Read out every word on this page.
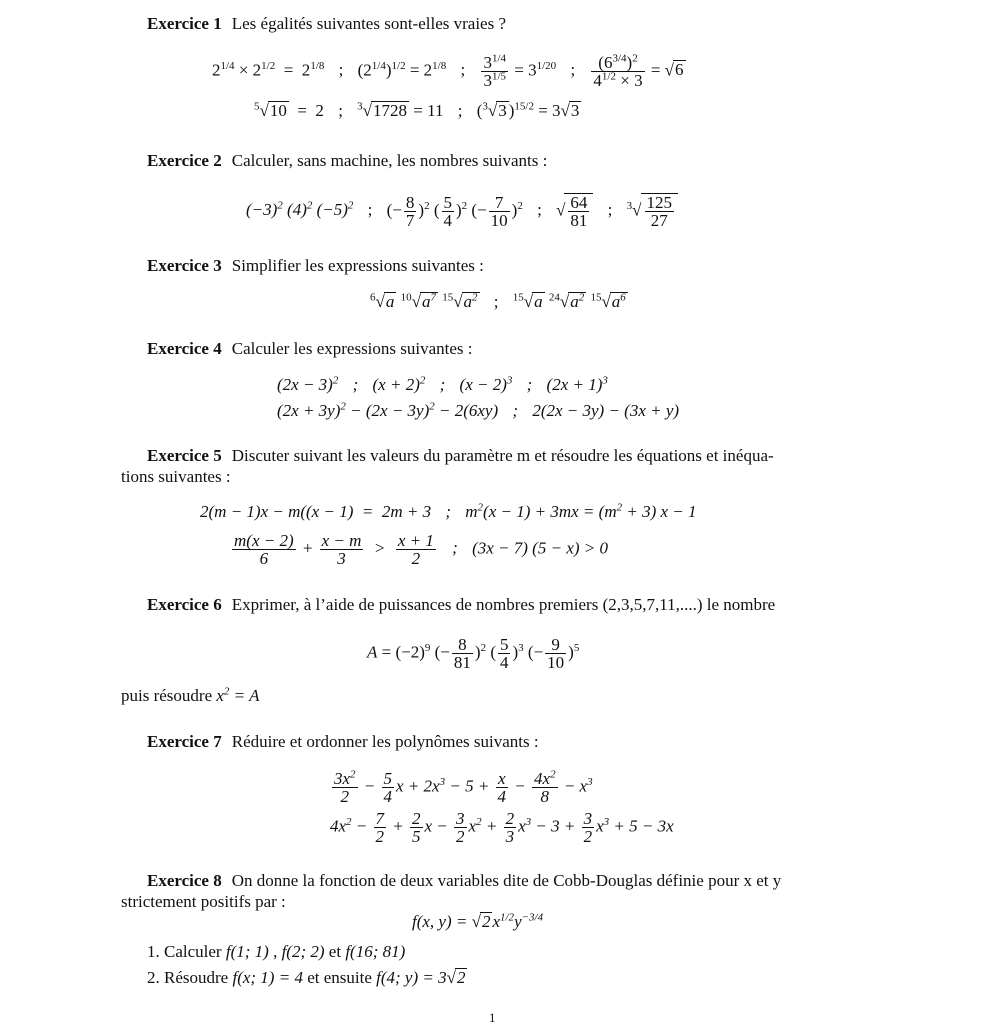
Exercice 1 Les égalités suivantes sont-elles vraies ?
$2^{1/4} \times 2^{1/2} = 2^{1/8}$ ; $(2^{1/4})^{1/2} = 2^{1/8}$ ; $\frac{3^{1/4}}{3^{1/5}} = 3^{1/20}$ ; $\frac{(6^{3/4})^2}{4^{1/2} \times 3} = √6$
$^5$√10  =  2 ; $^3$√1728 = 11 ; ($^3$√3 )$^{15/2}$ = 3√3
Exercice 2 Calculer, sans machine, les nombres suivants :
$(-3)^2$ $(4)^2$ $(-5)^2$ ; (− $\frac{8}{7} )^2$ ( $\frac{5}{4} )^2$ (− $\frac{7}{10} )^2$ ; √ $\frac{64}{81}$ ; $^3√ \frac{125}{27}$
Exercice 3 Simplifier les expressions suivantes :
$^6$√a $^{10}√a^7$ $^{15}√a^2$ ; $^{15}$√a $^{24}√a^2$ $^{15}√a^6$
Exercice 4 Calculer les expressions suivantes :
$(2x - 3)^2$ ; $(x + 2)^2$ ; $(x - 2)^3$ ; $(2x + 1)^3$
$(2x + 3y)^2 - (2x - 3y)^2 - 2(6xy)$ ; 2(2x − 3y) − (3x + y)
Exercice 5 Discuter suivant les valeurs du paramètre m et résoudre les équations et inéqua-
tions suivantes :
2(m − 1)x − m((x − 1)  =  2m + 3 ; $m^2(x - 1) + 3mx = (m^2 + 3) x - 1$
$\frac{m(x - 2)}{6} + \frac{x - m}{3} > \frac{x + 1}{2}$ ; (3x − 7) (5 − x) > 0
Exercice 6 Exprimer, à l’aide de puissances de nombres premiers (2,3,5,7,11,....) le nombre
$A = (-2)^9$ (− $\frac{8}{81} )^2$ ( $\frac{5}{4} )^3$ (− $\frac{9}{10} )^5$
puis résoudre $x^2 = A$
Exercice 7 Réduire et ordonner les polynômes suivants :
$\frac{3x^2}{2} - \frac{5}{4}$ $x + 2x^3 - 5 + \frac{x}{4} - \frac{4x^2}{8} - x^3$
$4x^2 - \frac{7}{2} + \frac{2}{5}$ $x - \frac{3}{2} x^2 + \frac{2}{3} x^3 - 3 + \frac{3}{2} x^3 + 5 - 3x$
Exercice 8 On donne la fonction de deux variables dite de Cobb-Douglas définie pour x et y
strictement positifs par :
f(x, y) = √2 $x^{1/2}y^{-3/4}$
1. Calculer f(1; 1) , f(2; 2) et f(16; 81)
2. Résoudre f(x; 1) = 4 et ensuite f(4; y) = 3√2
1
